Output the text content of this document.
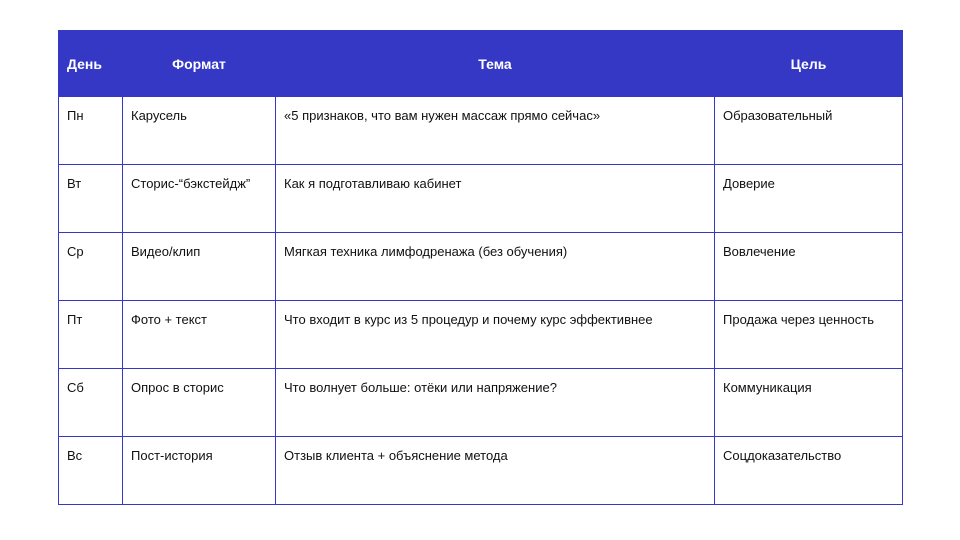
День	Формат	Тема	Цель
Пн	Карусель	«5 признаков, что вам нужен массаж прямо сейчас»	Образовательный
Вт	Сторис-“бэкстейдж”	Как я подготавливаю кабинет	Доверие
Ср	Видео/клип	Мягкая техника лимфодренажа (без обучения)	Вовлечение
Пт	Фото + текст	Что входит в курс из 5 процедур и почему курс эффективнее	Продажа через ценность
Сб	Опрос в сторис	Что волнует больше: отёки или напряжение?	Коммуникация
Вс	Пост-история	Отзыв клиента + объяснение метода	Соцдоказательство
